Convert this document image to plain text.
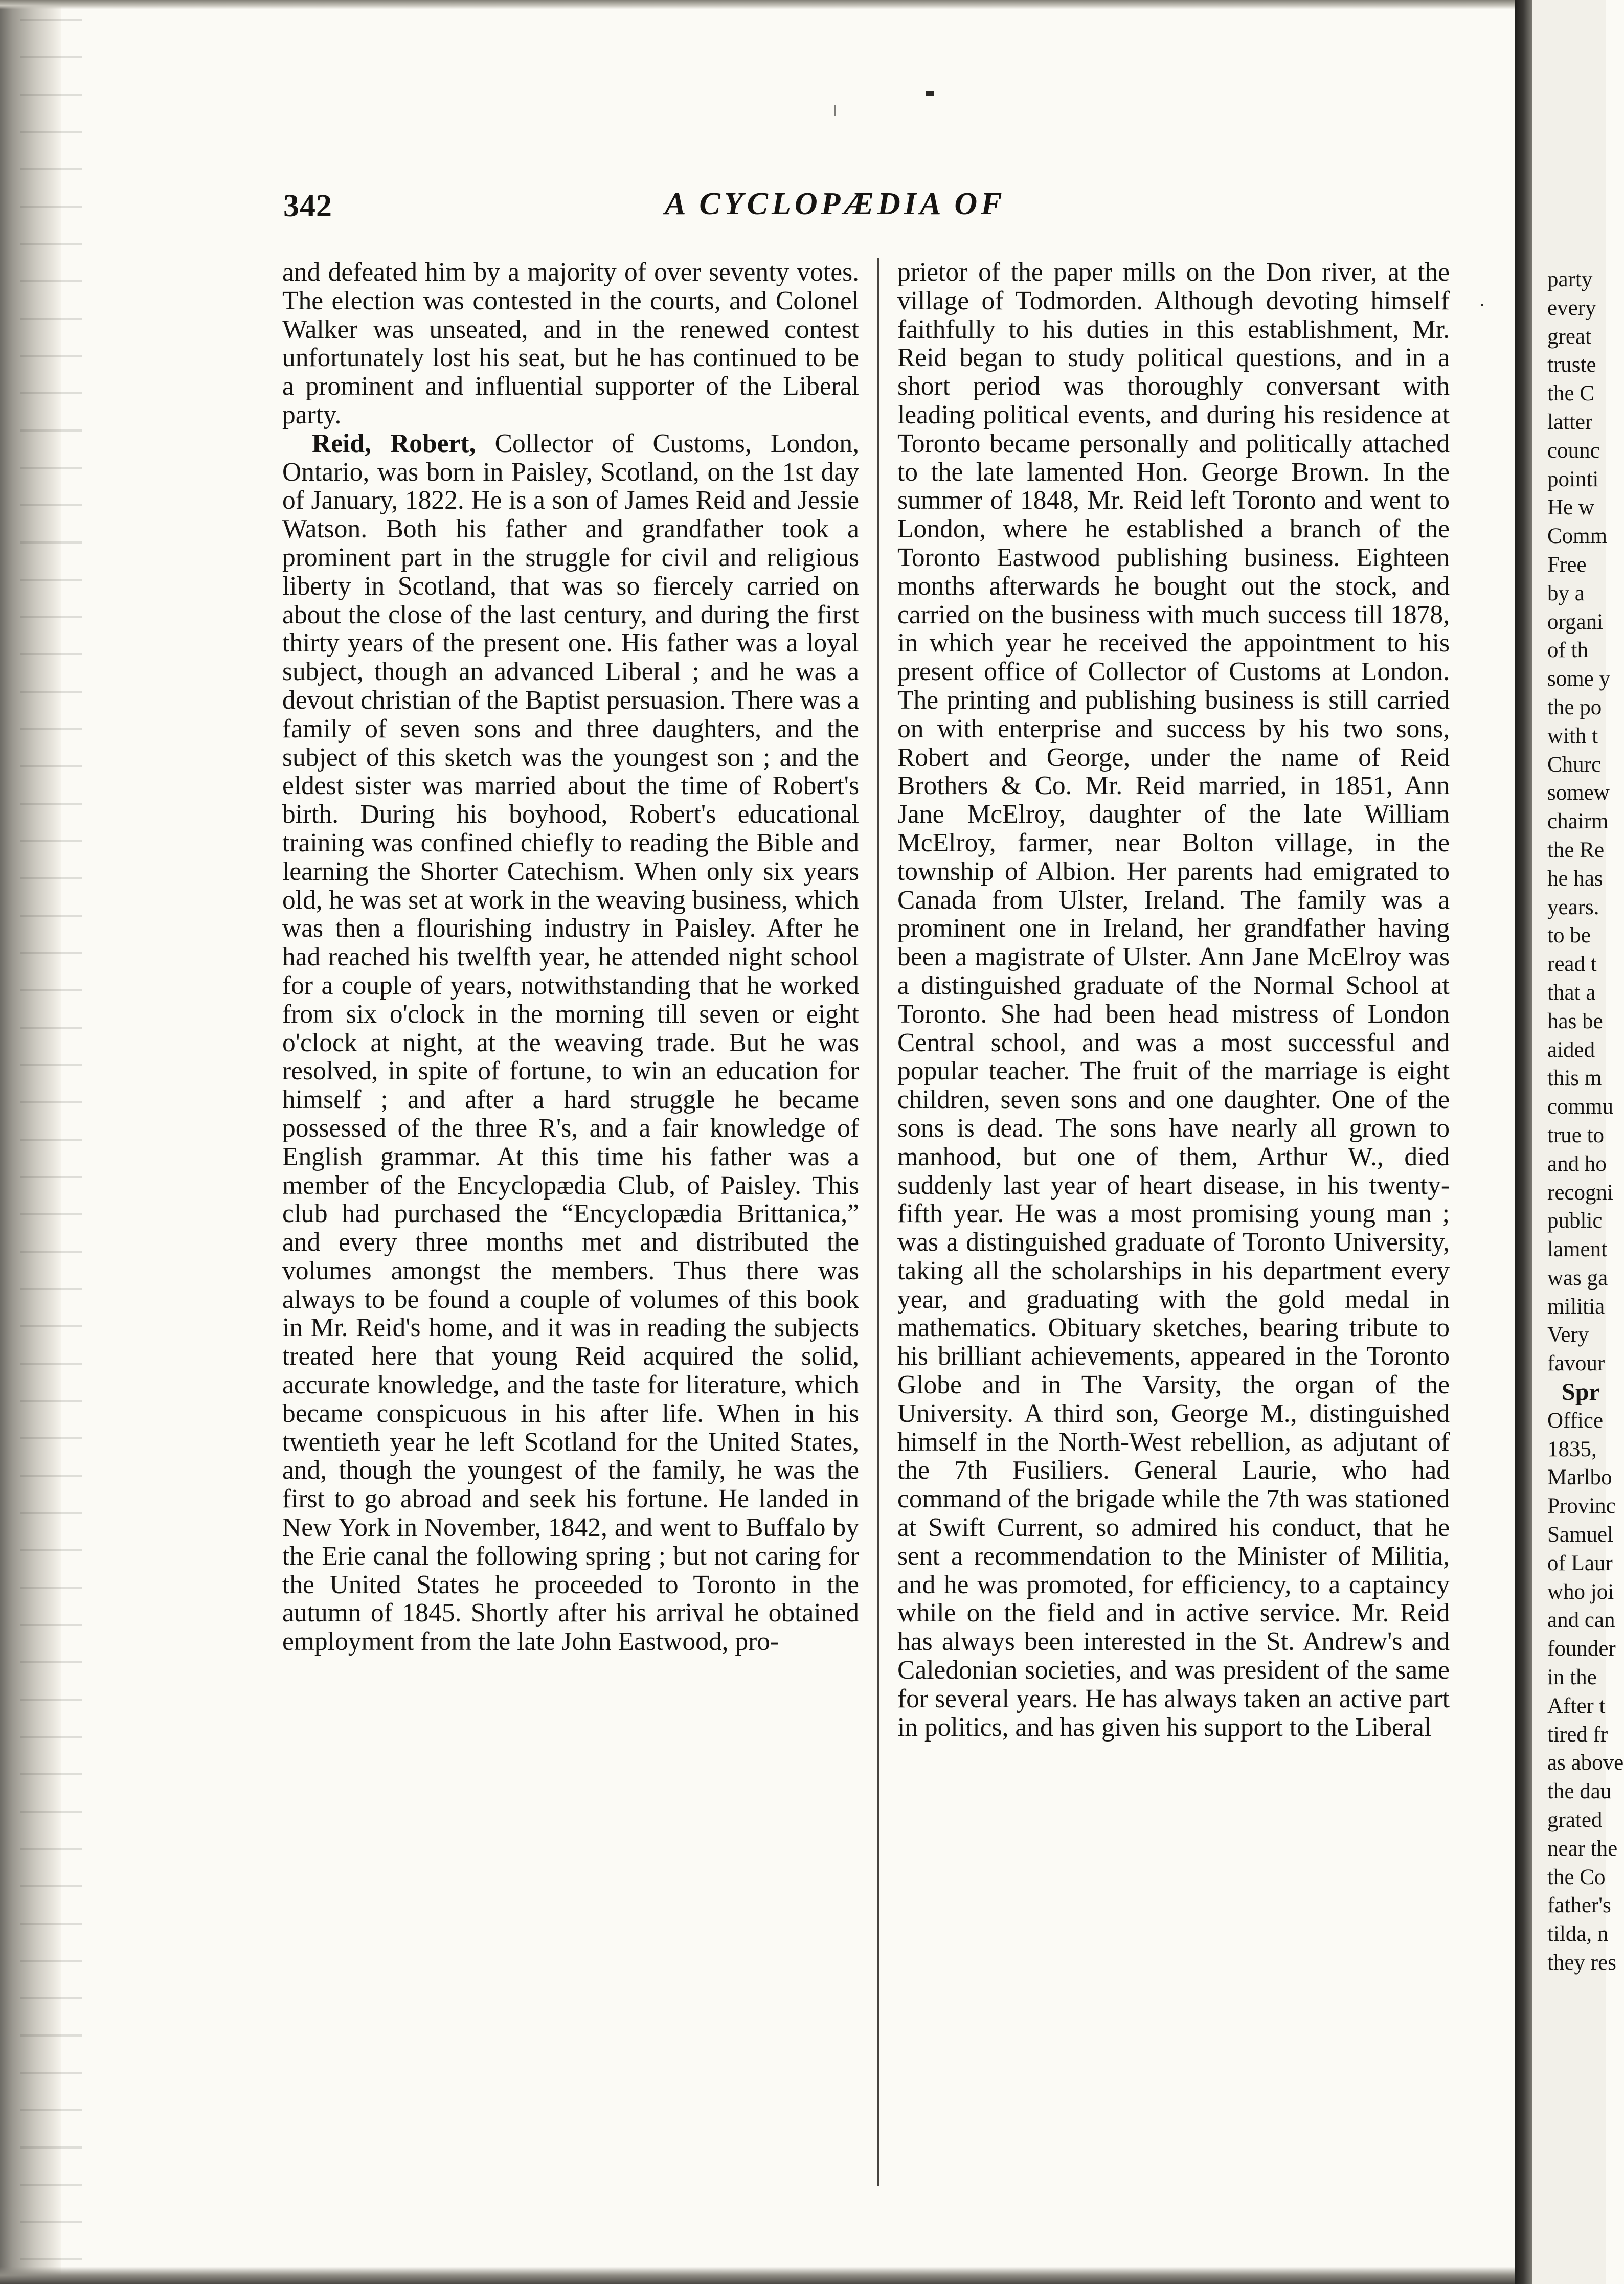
342	A CYCLOPÆDIA OF

and defeated him by a majority of over seventy votes. The election was contested in the courts, and Colonel Walker was unseated, and in the renewed contest unfortunately lost his seat, but he has continued to be a prominent and influential supporter of the Liberal party.

Reid, Robert, Collector of Customs, London, Ontario, was born in Paisley, Scotland, on the 1st day of January, 1822. He is a son of James Reid and Jessie Watson. Both his father and grandfather took a prominent part in the struggle for civil and religious liberty in Scotland, that was so fiercely carried on about the close of the last century, and during the first thirty years of the present one. His father was a loyal subject, though an advanced Liberal ; and he was a devout christian of the Baptist persuasion. There was a family of seven sons and three daughters, and the subject of this sketch was the youngest son ; and the eldest sister was married about the time of Robert's birth. During his boyhood, Robert's educational training was confined chiefly to reading the Bible and learning the Shorter Catechism. When only six years old, he was set at work in the weaving business, which was then a flourishing industry in Paisley. After he had reached his twelfth year, he attended night school for a couple of years, notwithstanding that he worked from six o'clock in the morning till seven or eight o'clock at night, at the weaving trade. But he was resolved, in spite of fortune, to win an education for himself ; and after a hard struggle he became possessed of the three R's, and a fair knowledge of English grammar. At this time his father was a member of the Encyclopædia Club, of Paisley. This club had purchased the “Encyclopædia Brittanica,” and every three months met and distributed the volumes amongst the members. Thus there was always to be found a couple of volumes of this book in Mr. Reid's home, and it was in reading the subjects treated here that young Reid acquired the solid, accurate knowledge, and the taste for literature, which became conspicuous in his after life. When in his twentieth year he left Scotland for the United States, and, though the youngest of the family, he was the first to go abroad and seek his fortune. He landed in New York in November, 1842, and went to Buffalo by the Erie canal the following spring ; but not caring for the United States he proceeded to Toronto in the autumn of 1845. Shortly after his arrival he obtained employment from the late John Eastwood, pro-

prietor of the paper mills on the Don river, at the village of Todmorden. Although devoting himself faithfully to his duties in this establishment, Mr. Reid began to study political questions, and in a short period was thoroughly conversant with leading political events, and during his residence at Toronto became personally and politically attached to the late lamented Hon. George Brown. In the summer of 1848, Mr. Reid left Toronto and went to London, where he established a branch of the Toronto Eastwood publishing business. Eighteen months afterwards he bought out the stock, and carried on the business with much success till 1878, in which year he received the appointment to his present office of Collector of Customs at London. The printing and publishing business is still carried on with enterprise and success by his two sons, Robert and George, under the name of Reid Brothers & Co. Mr. Reid married, in 1851, Ann Jane McElroy, daughter of the late William McElroy, farmer, near Bolton village, in the township of Albion. Her parents had emigrated to Canada from Ulster, Ireland. The family was a prominent one in Ireland, her grandfather having been a magistrate of Ulster. Ann Jane McElroy was a distinguished graduate of the Normal School at Toronto. She had been head mistress of London Central school, and was a most successful and popular teacher. The fruit of the marriage is eight children, seven sons and one daughter. One of the sons is dead. The sons have nearly all grown to manhood, but one of them, Arthur W., died suddenly last year of heart disease, in his twenty-fifth year. He was a most promising young man ; was a distinguished graduate of Toronto University, taking all the scholarships in his department every year, and graduating with the gold medal in mathematics. Obituary sketches, bearing tribute to his brilliant achievements, appeared in the Toronto Globe and in The Varsity, the organ of the University. A third son, George M., distinguished himself in the North-West rebellion, as adjutant of the 7th Fusiliers. General Laurie, who had command of the brigade while the 7th was stationed at Swift Current, so admired his conduct, that he sent a recommendation to the Minister of Militia, and he was promoted, for efficiency, to a captaincy while on the field and in active service. Mr. Reid has always been interested in the St. Andrew's and Caledonian societies, and was president of the same for several years. He has always taken an active part in politics, and has given his support to the Liberal

party
every
great
truste
the C
latter
counc
pointi
He w
Comm
Free
by a
organi
of th
some y
the po
with t
Churc
somew
chairm
the Re
he has
years.
to be
read t
that a
has be
aided
this m
commu
true to
and ho
recogni
public
lament
was ga
militia
Very
favour
Spr
Office
1835,
Marlbo
Provinc
Samuel
of Laur
who joi
and can
founder
in the
After t
tired fr
as above
the dau
grated
near the
the Co
father's
tilda, n
they res
